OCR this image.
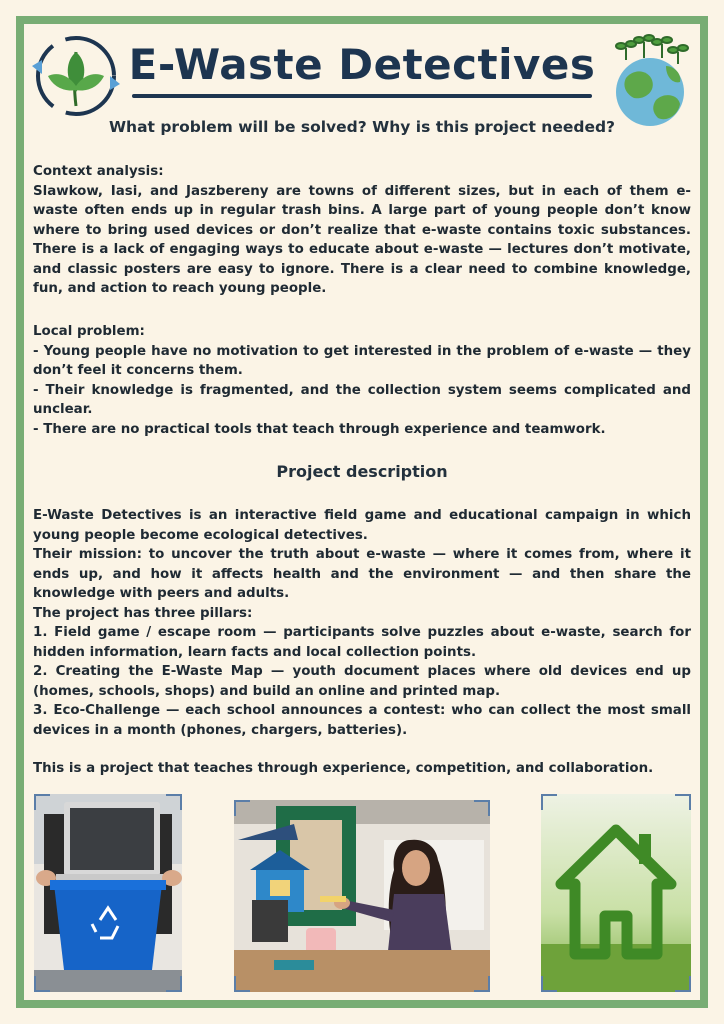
E-Waste Detectives
What problem will be solved? Why is this project needed?

Context analysis:

Slawkow, Iasi, and Jaszbereny are towns of different sizes, but in each of them e-waste often ends up in regular trash bins. A large part of young people don’t know where to bring used devices or don’t realize that e-waste contains toxic substances. There is a lack of engaging ways to educate about e-waste — lectures don’t motivate, and classic posters are easy to ignore. There is a clear need to combine knowledge, fun, and action to reach young people.

Local problem:

- Young people have no motivation to get interested in the problem of e-waste — they don’t feel it concerns them.

- Their knowledge is fragmented, and the collection system seems complicated and unclear.

- There are no practical tools that teach through experience and teamwork.

Project description

E-Waste Detectives is an interactive field game and educational campaign in which young people become ecological detectives.

Their mission: to uncover the truth about e-waste — where it comes from, where it ends up, and how it affects health and the environment — and then share the knowledge with peers and adults.

The project has three pillars:

1. Field game / escape room — participants solve puzzles about e-waste, search for hidden information, learn facts and local collection points.

2. Creating the E-Waste Map — youth document places where old devices end up (homes, schools, shops) and build an online and printed map.

3. Eco-Challenge — each school announces a contest: who can collect the most small devices in a month (phones, chargers, batteries).

This is a project that teaches through experience, competition, and collaboration.
